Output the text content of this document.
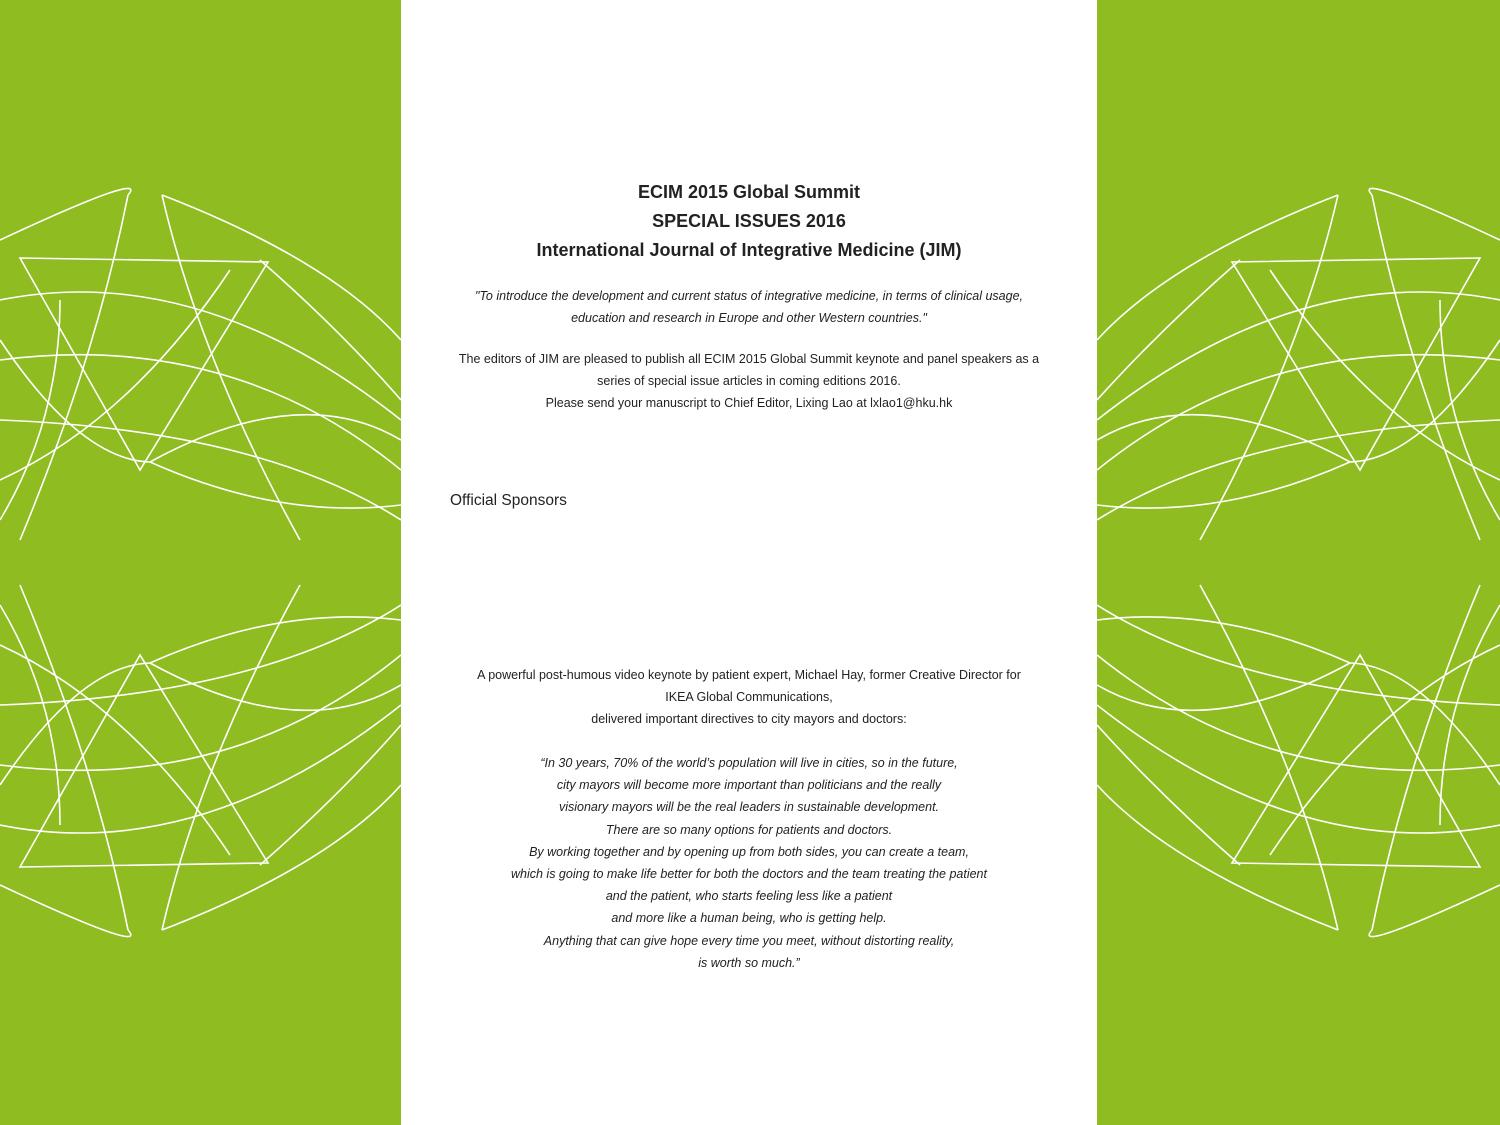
ECIM 2015 Global Summit
SPECIAL ISSUES 2016
International Journal of Integrative Medicine (JIM)
"To introduce the development and current status of integrative medicine, in terms of clinical usage,
education and research in Europe and other Western countries."
The editors of JIM are pleased to publish all ECIM 2015 Global Summit keynote and panel speakers as a
series of special issue articles in coming editions 2016.
Please send your manuscript to Chief Editor, Lixing Lao at lxlao1@hku.hk
Official Sponsors
A powerful post-humous video keynote by patient expert, Michael Hay, former Creative Director for
IKEA Global Communications,
delivered important directives to city mayors and doctors:
“In 30 years, 70% of the world’s population will live in cities, so in the future,
city mayors will become more important than politicians and the really
visionary mayors will be the real leaders in sustainable development.
There are so many options for patients and doctors.
By working together and by opening up from both sides, you can create a team,
which is going to make life better for both the doctors and the team treating the patient
and the patient, who starts feeling less like a patient
and more like a human being, who is getting help.
Anything that can give hope every time you meet, without distorting reality,
is worth so much.”
